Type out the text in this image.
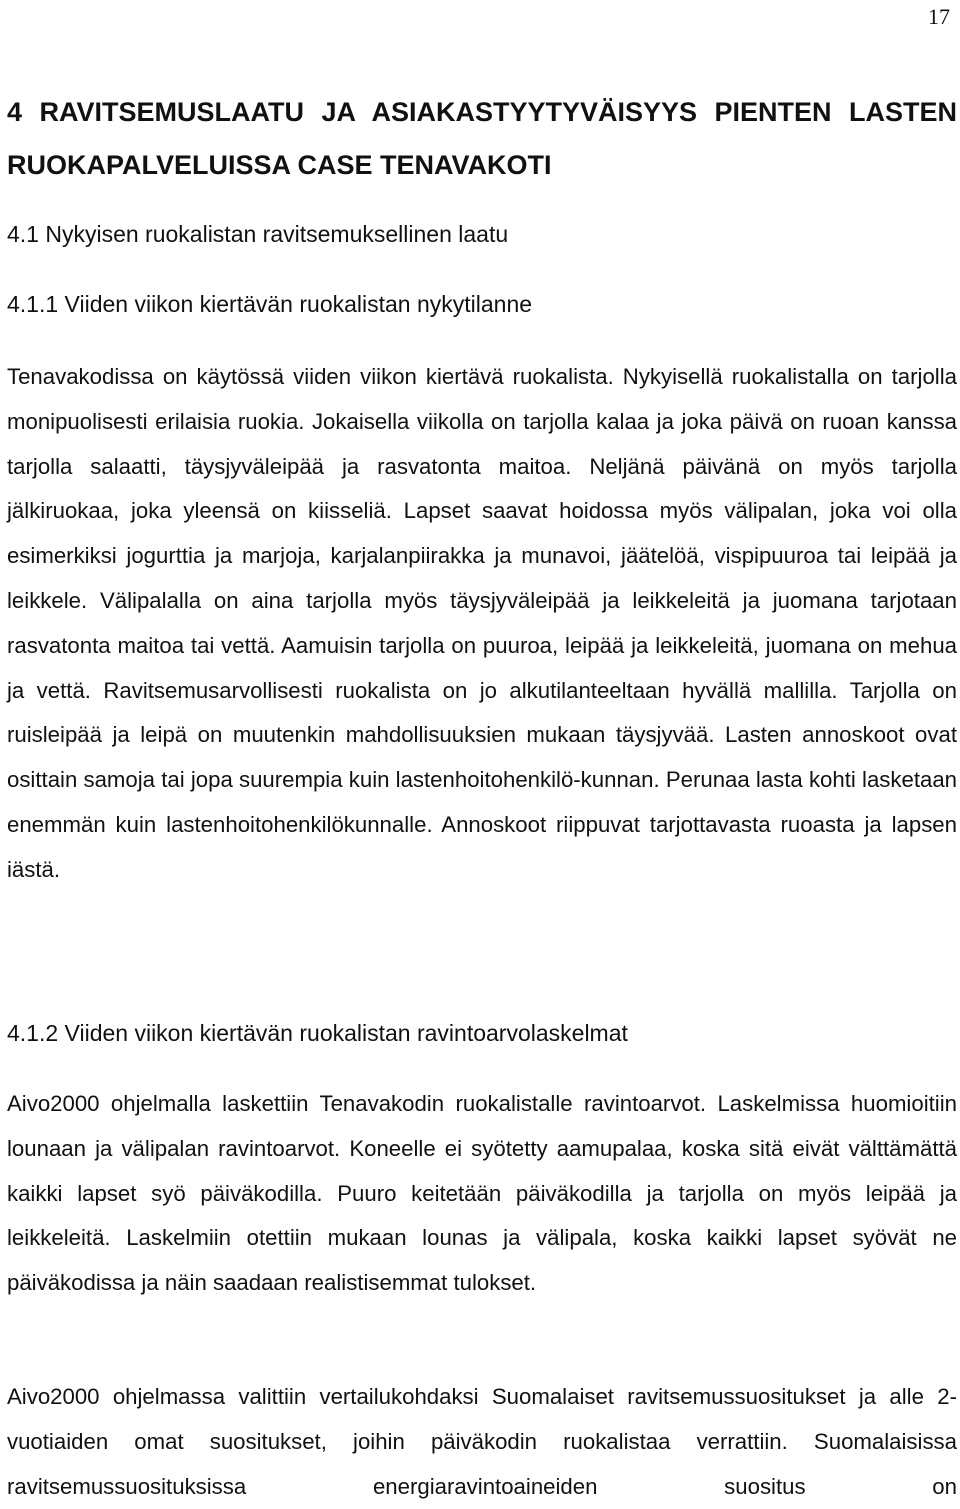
17
4 RAVITSEMUSLAATU JA ASIAKASTYYTYVÄISYYS PIENTEN LASTEN RUOKAPALVELUISSA CASE TENAVAKOTI
4.1 Nykyisen ruokalistan ravitsemuksellinen laatu
4.1.1 Viiden viikon kiertävän ruokalistan nykytilanne

Tenavakodissa on käytössä viiden viikon kiertävä ruokalista. Nykyisellä ruokalistalla on tarjolla monipuolisesti erilaisia ruokia. Jokaisella viikolla on tarjolla kalaa ja joka päivä on ruoan kanssa tarjolla salaatti, täysjyväleipää ja rasvatonta maitoa. Neljänä päivänä on myös tarjolla jälkiruokaa, joka yleensä on kiisseliä. Lapset saavat hoidossa myös välipalan, joka voi olla esimerkiksi jogurttia ja marjoja, karjalanpiirakka ja munavoi, jäätelöä, vispipuuroa tai leipää ja leikkele. Välipalalla on aina tarjolla myös täysjyväleipää ja leikkeleitä ja juomana tarjotaan rasvatonta maitoa tai vettä. Aamuisin tarjolla on puuroa, leipää ja leikkeleitä, juomana on mehua ja vettä. Ravitsemusarvollisesti ruokalista on jo alkutilanteeltaan hyvällä mallilla. Tarjolla on ruisleipää ja leipä on muutenkin mahdollisuuksien mukaan täysjyvää. Lasten annoskoot ovat osittain samoja tai jopa suurempia kuin lastenhoitohenkilö-kunnan. Perunaa lasta kohti lasketaan enemmän kuin lastenhoitohenkilökunnalle. Annoskoot riippuvat tarjottavasta ruoasta ja lapsen iästä.

4.1.2 Viiden viikon kiertävän ruokalistan ravintoarvolaskelmat

Aivo2000 ohjelmalla laskettiin Tenavakodin ruokalistalle ravintoarvot. Laskelmissa huomioitiin lounaan ja välipalan ravintoarvot. Koneelle ei syötetty aamupalaa, koska sitä eivät välttämättä kaikki lapset syö päiväkodilla. Puuro keitetään päiväkodilla ja tarjolla on myös leipää ja leikkeleitä. Laskelmiin otettiin mukaan lounas ja välipala, koska kaikki lapset syövät ne päiväkodissa ja näin saadaan realistisemmat tulokset.

Aivo2000 ohjelmassa valittiin vertailukohdaksi Suomalaiset ravitsemussuositukset ja alle 2-vuotiaiden omat suositukset, joihin päiväkodin ruokalistaa verrattiin. Suomalaisissa ravitsemussuosituksissa energiaravintoaineiden suositus on
